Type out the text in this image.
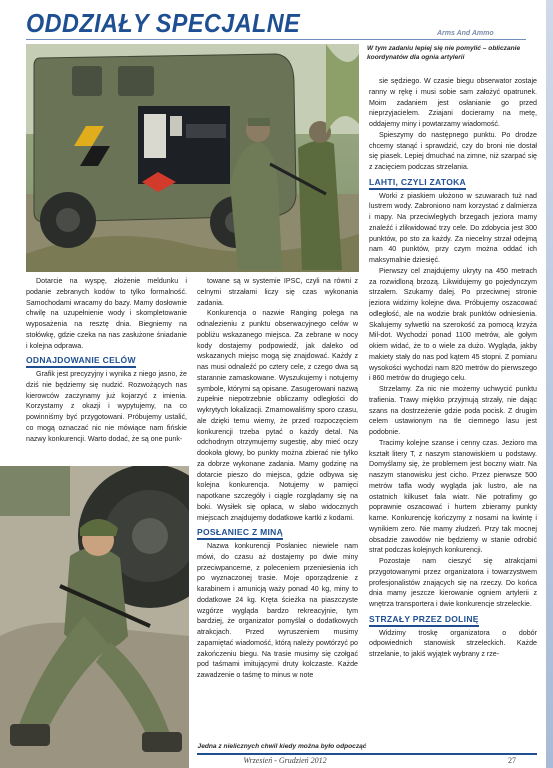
ODDZIAŁY SPECJALNE	Arms And Ammo
W tym zadaniu lepiej się nie pomylić – obliczanie koordynatów dla ognia artylerii

Dotarcie na wyspę, złożenie meldunku i podanie zebranych kodów to tylko formalność. Samochodami wracamy do bazy. Mamy dosłownie chwilę na uzupełnienie wody i skompletowanie wyposażenia na resztę dnia. Biegniemy na stołówkę, gdzie czeka na nas zasłużone śniadanie i kolejna odprawa.

ODNAJDOWANIE CELÓW

Grafik jest precyzyjny i wynika z niego jasno, że dziś nie będziemy się nudzić. Rozwożących nas kierowców zaczynamy już kojarzyć z imienia. Korzystamy z okazji i wypytujemy, na co powinniśmy być przygotowani. Próbujemy ustalić, co mogą oznaczać nic nie mówiące nam fińskie nazwy konkurencji. Warto dodać, że są one punk-

towane są w systemie IPSC, czyli na równi z celnymi strzałami liczy się czas wykonania zadania.

Konkurencja o nazwie Ranging polega na odnalezieniu z punktu obserwacyjnego celów w pobliżu wskazanego miejsca. Za zebrane w nocy kody dostajemy podpowiedź, jak daleko od wskazanych miejsc mogą się znajdować. Każdy z nas musi odnaleźć po czterу cele, z czego dwa są starannie zamaskowane. Wyszukujemy i notujemy symbole, którymi są opisane. Zasugerowani nazwą zupełnie niepotrzebnie obliczamy odległości do wykrytych lokalizacji. Zmarnowaliśmy sporo czasu, ale dzięki temu wiemy, że przed rozpoczęciem konkurencji trzeba pytać o każdy detal. Na odchodnym otrzymujemy sugestię, aby mieć oczy dookoła głowy, bo punkty można zbierać nie tylko za dobrze wykonane zadania. Mamy godzinę na dotarcie pieszo do miejsca, gdzie odbywa się kolejna konkurencja. Notujemy w pamięci napotkane szczegóły i ciągle rozglądamy się na boki. Wysiłek się opłaca, w słabo widocznych miejscach znajdujemy dodatkowe kartki z kodami.

POSŁANIEC Z MINĄ

Nazwa konkurencji Posłaniec niewiele nam mówi, do czasu aż dostajemy po dwie miny przeciwpancerne, z poleceniem przeniesienia ich po wyznaczonej trasie. Moje oporządzenie z karabinem i amunicją waży ponad 40 kg, miny to dodatkowe 24 kg. Kręta ścieżka na piaszczyste wzgórze wygląda bardzo rekreacyjnie, tym bardziej, że organizator pomyślał o dodatkowych atrakcjach. Przed wyruszeniem musimy zapamiętać wiadomość, którą należy powtórzyć po zakończeniu biegu. Na trasie musimy się czołgać pod taśmami imitującymi druty kolczaste. Każde zawadzenie o taśmę to minus w note

sie sędziego. W czasie biegu obserwator zostaje ranny w rękę i musi sobie sam założyć opatrunek. Moim zadaniem jest osłanianie go przed nieprzyjacielem. Zziajani docieramy na metę, oddajemy miny i powtarzamy wiadomość.

Spieszymy do następnego punktu. Po drodze chcemy stanąć i sprawdzić, czy do broni nie dostał się piasek. Lepiej dmuchać na zimne, niż szarpać się z zacięciem podczas strzelania.

LAHTI, CZYLI ZATOKA

Worki z piaskiem ułożono w szuwarach tuż nad lustrem wody. Zabroniono nam korzystać z dalmierza i mapy. Na przeciwległych brzegach jeziora mamy znaleźć i zlikwidować trzy cele. Do zdobycia jest 300 punktów, po sto za każdy. Za niecelny strzał odejmą nam 40 punktów, przy czym można oddać ich maksymalnie dziesięć.

Pierwszy cel znajdujemy ukryty na 450 metrach za rozwidloną brzozą. Likwidujemy go pojedynczym strzałem. Szukamy dalej. Po przeciwnej stronie jeziora widzimy kolejne dwa. Próbujemy oszacować odległość, ale na wodzie brak punktów odniesienia. Skalujemy sylwetki na szerokość za pomocą krzyża Mil-dot. Wychodzi ponad 1100 metrów, ale gołym okiem widać, że to o wiele za dużo. Wygląda, jakby makiety stały do nas pod kątem 45 stopni. Z pomiaru wysokości wychodzi nam 820 metrów do pierwszego i 860 metrów do drugiego celu.

Strzelamy. Za nic nie możemy uchwycić punktu trafienia. Trawy miękko przyjmują strzały, nie dając szans na dostrzeżenie gdzie poda pocisk. Z drugim celem ustawionym na tle ciemnego lasu jest podobnie.

Tracimy kolejne szanse i cenny czas. Jezioro ma kształt litery T, z naszym stanowiskiem u podstawy. Domyślamy się, że problemem jest boczny wiatr. Na naszym stanowisku jest cicho. Przez pierwsze 500 metrów tafla wody wygląda jak lustro, ale na ostatnich kilkuset fala wiatr. Nie potrafimy go poprawnie oszacować i hurtem zbieramy punkty karne. Konkurencję kończymy z nosami na kwintę i wynikiem zero. Nie mamy złudzeń. Przy tak mocnej obsadzie zawodów nie będziemy w stanie odrobić strat podczas kolejnych konkurencji.

Pozostaje nam cieszyć się atrakcjami przygotowanymi przez organizatora i towarzystwem profesjonalistów znających się na rzeczy. Do końca dnia mamy jeszcze kierowanie ogniem artylerii z wnętrza transportera i dwie konkurencje strzeleckie.

STRZAŁY PRZEZ DOLINĘ

Widzimy troskę organizatora o dobór odpowiednich stanowisk strzeleckich. Każde strzelanie, to jakiś wyjątek wybrany z rze-

Jedna z nielicznych chwil kiedy można było odpocząć
Wrzesień - Grudzień 2012	27
